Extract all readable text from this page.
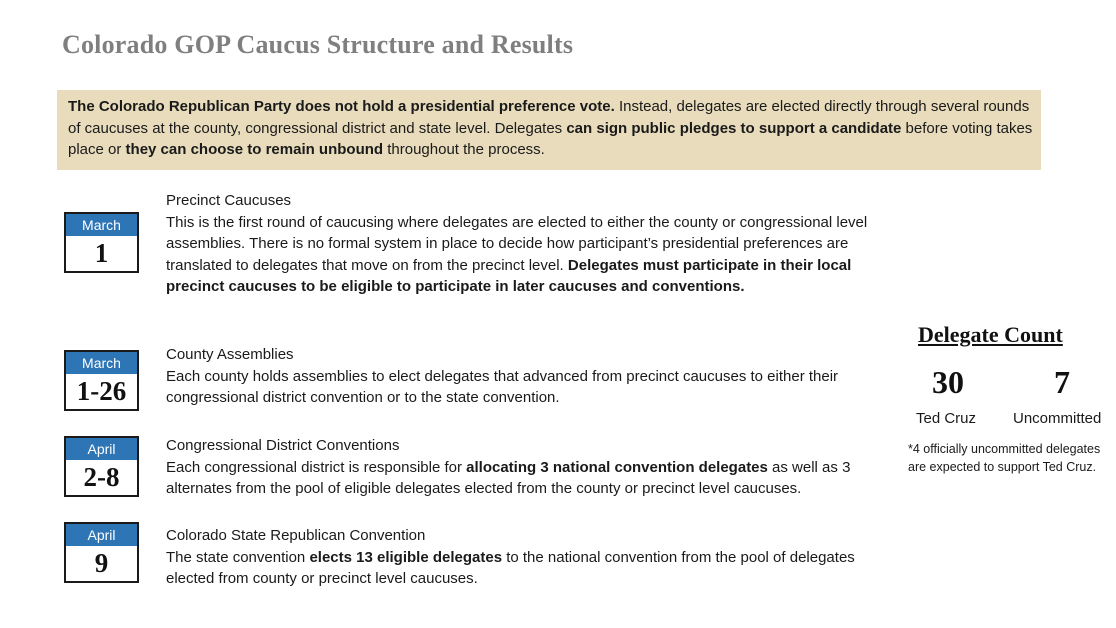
Colorado GOP Caucus Structure and Results
The Colorado Republican Party does not hold a presidential preference vote. Instead, delegates are elected directly through several rounds of caucuses at the county, congressional district and state level. Delegates can sign public pledges to support a candidate before voting takes place or they can choose to remain unbound throughout the process.
March
1
Precinct Caucuses
This is the first round of caucusing where delegates are elected to either the county or congressional level assemblies. There is no formal system in place to decide how participant’s presidential preferences are translated to delegates that move on from the precinct level. Delegates must participate in their local precinct caucuses to be eligible to participate in later caucuses and conventions.
March
1-26
County Assemblies
Each county holds assemblies to elect delegates that advanced from precinct caucuses to either their congressional district convention or to the state convention.
April
2-8
Congressional District Conventions
Each congressional district is responsible for allocating 3 national convention delegates as well as 3 alternates from the pool of eligible delegates elected from the county or precinct level caucuses.
April
9
Colorado State Republican Convention
The state convention elects 13 eligible delegates to the national convention from the pool of delegates elected from county or precinct level caucuses.
Delegate Count
30	7
Ted Cruz Uncommitted
*4 officially uncommitted delegates
are expected to support Ted Cruz.
